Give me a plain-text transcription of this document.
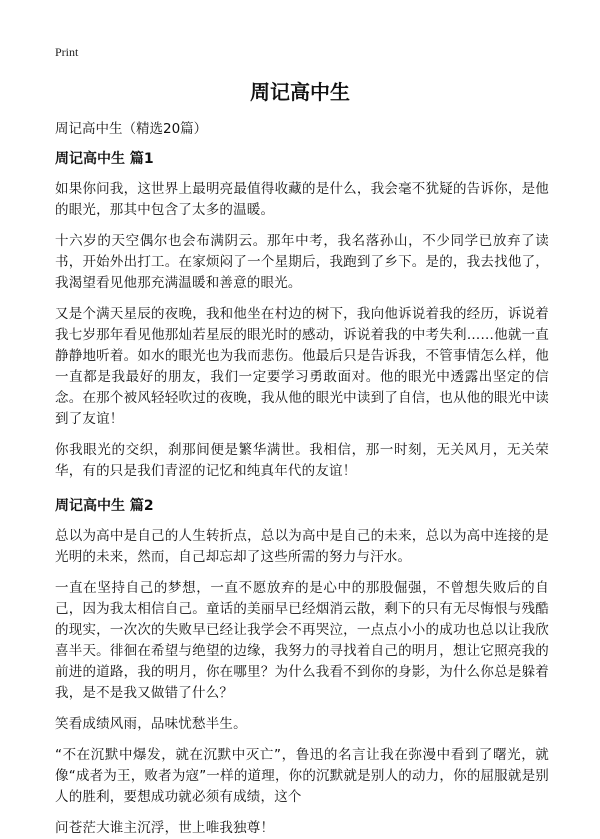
Print
周记高中生

周记高中生（精选20篇）

周记高中生 篇1

如果你问我，这世界上最明亮最值得收藏的是什么，我会毫不犹疑的告诉你，是他的眼光，那其中包含了太多的温暖。

十六岁的天空偶尔也会布满阴云。那年中考，我名落孙山，不少同学已放弃了读书，开始外出打工。在家烦闷了一个星期后，我跑到了乡下。是的，我去找他了，我渴望看见他那充满温暖和善意的眼光。

又是个满天星辰的夜晚，我和他坐在村边的树下，我向他诉说着我的经历，诉说着我七岁那年看见他那灿若星辰的眼光时的感动，诉说着我的中考失利……他就一直静静地听着。如水的眼光也为我而悲伤。他最后只是告诉我，不管事情怎么样，他一直都是我最好的朋友，我们一定要学习勇敢面对。他的眼光中透露出坚定的信念。在那个被风轻轻吹过的夜晚，我从他的眼光中读到了自信，也从他的眼光中读到了友谊！

你我眼光的交织，刹那间便是繁华满世。我相信，那一时刻，无关风月，无关荣华，有的只是我们青涩的记忆和纯真年代的友谊！

周记高中生 篇2

总以为高中是自己的人生转折点，总以为高中是自己的未来，总以为高中连接的是光明的未来，然而，自己却忘却了这些所需的努力与汗水。

一直在坚持自己的梦想，一直不愿放弃的是心中的那股倔强，不曾想失败后的自己，因为我太相信自己。童话的美丽早已经烟消云散，剩下的只有无尽悔恨与残酷的现实，一次次的失败早已经让我学会不再哭泣，一点点小小的成功也总以让我欣喜半天。徘徊在希望与绝望的边缘，我努力的寻找着自己的明月，想让它照亮我的前进的道路，我的明月，你在哪里？为什么我看不到你的身影，为什么你总是躲着我，是不是我又做错了什么？

笑看成绩风雨，品味忧愁半生。

“不在沉默中爆发，就在沉默中灭亡”，鲁迅的名言让我在弥漫中看到了曙光，就像“成者为王，败者为寇”一样的道理，你的沉默就是别人的动力，你的屈服就是别人的胜利，要想成功就必须有成绩，这个

问苍茫大谁主沉浮，世上唯我独尊！
